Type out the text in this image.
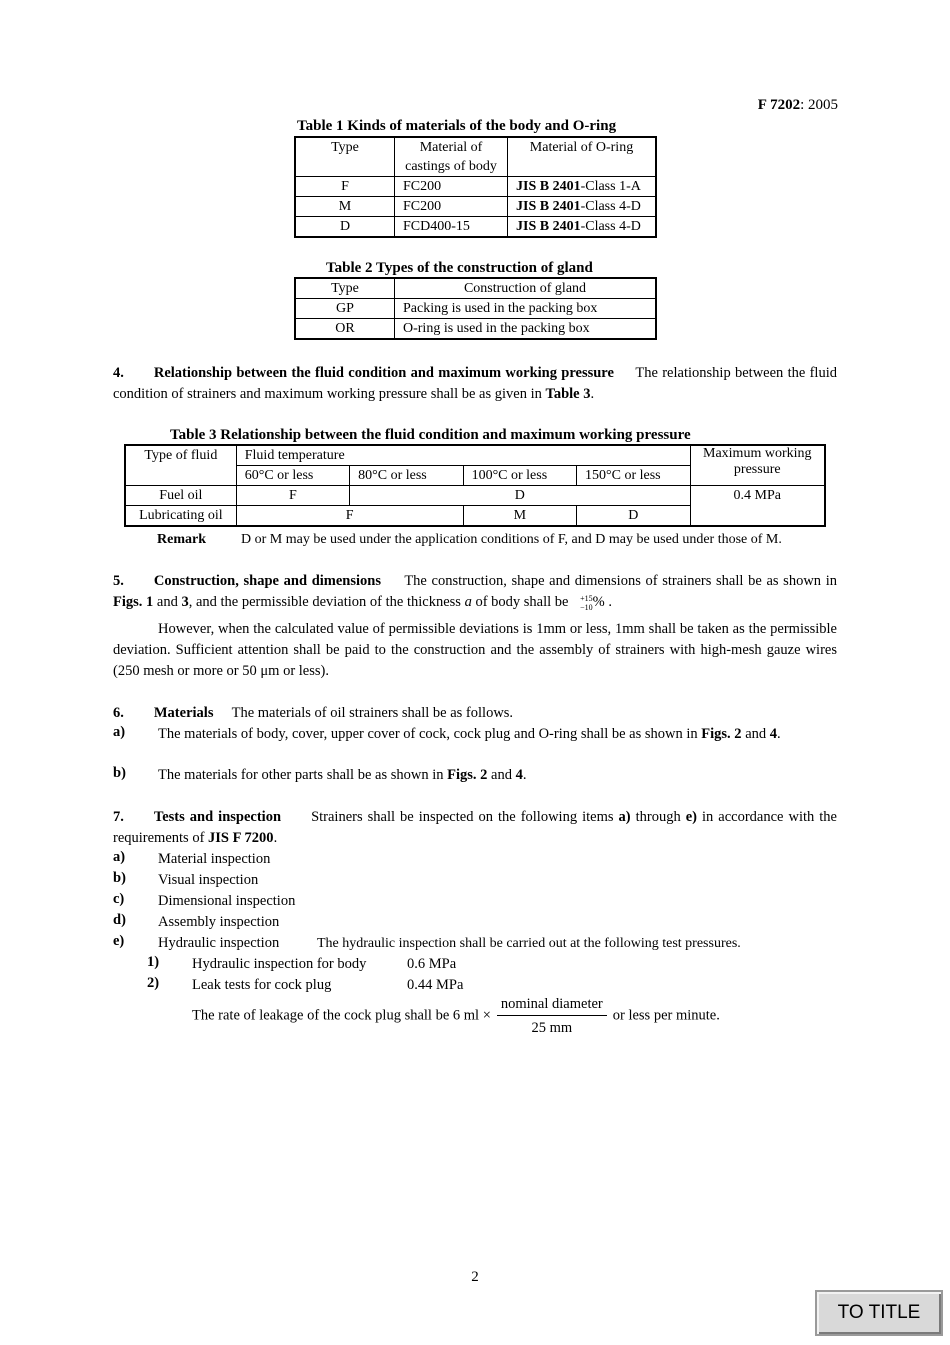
F 7202: 2005
Table 1 Kinds of materials of the body and O-ring
Type	Material of castings of body	Material of O-ring
F	FC200	JIS B 2401-Class 1-A
M	FC200	JIS B 2401-Class 4-D
D	FCD400-15	JIS B 2401-Class 4-D
Table 2 Types of the construction of gland
Type	Construction of gland
GP	Packing is used in the packing box
OR	O-ring is used in the packing box
4. Relationship between the fluid condition and maximum working pressure The relationship between the fluid condition of strainers and maximum working pressure shall be as given in Table 3.
Table 3 Relationship between the fluid condition and maximum working pressure
Type of fluid	Fluid temperature				Maximum working pressure
	60°C or less	80°C or less	100°C or less	150°C or less	
Fuel oil	F	D			0.4 MPa
Lubricating oil	F		M	D	
Remark	D or M may be used under the application conditions of F, and D may be used under those of M.
5. Construction, shape and dimensions The construction, shape and dimensions of strainers shall be as shown in Figs. 1 and 3, and the permissible deviation of the thickness a of body shall be +15
−10 % .
However, when the calculated value of permissible deviations is 1mm or less, 1mm shall be taken as the permissible deviation. Sufficient attention shall be paid to the construction and the assembly of strainers with high-mesh gauze wires (250 mesh or more or 50 μm or less).
6. Materials The materials of oil strainers shall be as follows.
a) The materials of body, cover, upper cover of cock, cock plug and O-ring shall be as shown in Figs. 2 and 4.
b) The materials for other parts shall be as shown in Figs. 2 and 4.
7. Tests and inspection Strainers shall be inspected on the following items a) through e) in accordance with the requirements of JIS F 7200.
a) Material inspection
b) Visual inspection
c) Dimensional inspection
d) Assembly inspection
e) Hydraulic inspection	The hydraulic inspection shall be carried out at the following test pressures.
1) Hydraulic inspection for body	0.6 MPa
2) Leak tests for cock plug	0.44 MPa
The rate of leakage of the cock plug shall be 6 ml × $\frac{\text{nominal diameter}}{25 mm}$ or less per minute.
2
TO TITLE
